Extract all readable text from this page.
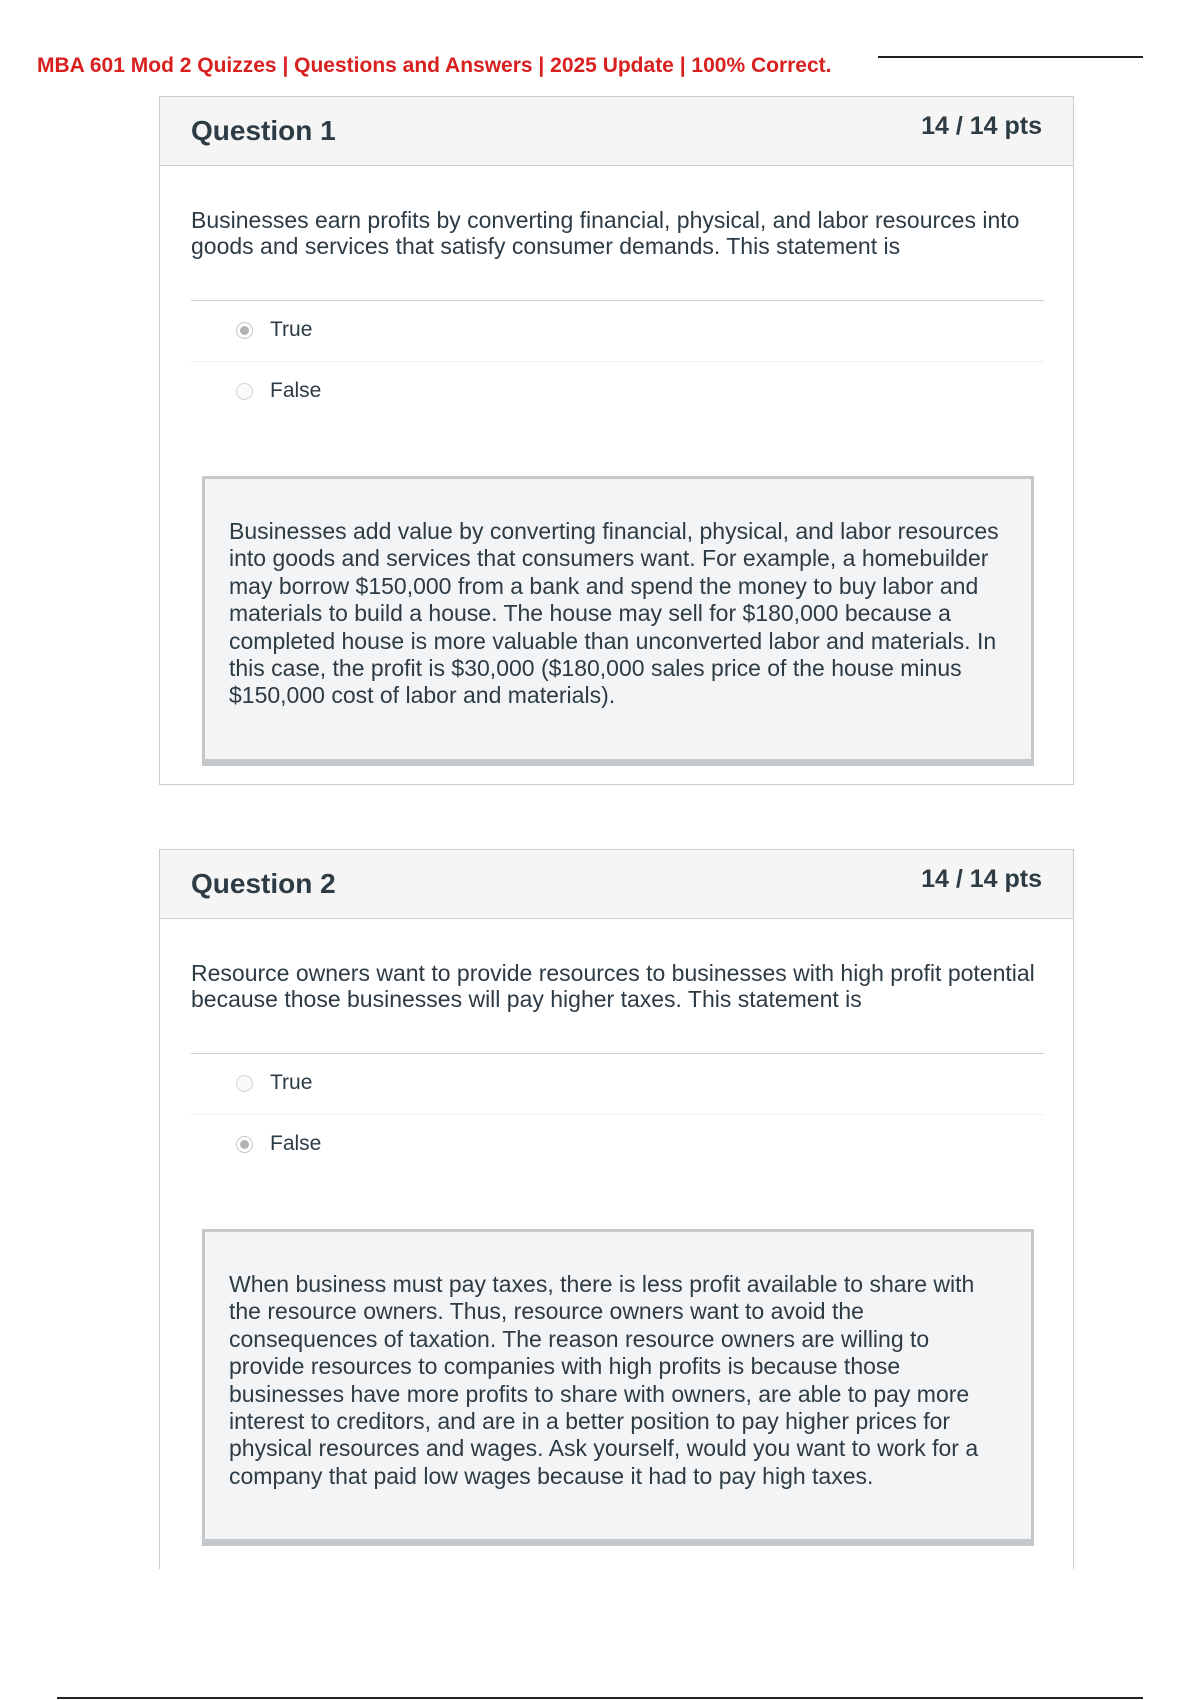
MBA 601 Mod 2 Quizzes | Questions and Answers | 2025 Update | 100% Correct.
Question 1	14 / 14 pts

Businesses earn profits by converting financial, physical, and labor resources into goods and services that satisfy consumer demands. This statement is

True
False
Businesses add value by converting financial, physical, and labor resources into goods and services that consumers want. For example, a homebuilder may borrow $150,000 from a bank and spend the money to buy labor and materials to build a house. The house may sell for $180,000 because a completed house is more valuable than unconverted labor and materials. In this case, the profit is $30,000 ($180,000 sales price of the house minus $150,000 cost of labor and materials).
Question 2	14 / 14 pts

Resource owners want to provide resources to businesses with high profit potential because those businesses will pay higher taxes. This statement is

True
False
When business must pay taxes, there is less profit available to share with the resource owners. Thus, resource owners want to avoid the consequences of taxation. The reason resource owners are willing to provide resources to companies with high profits is because those businesses have more profits to share with owners, are able to pay more interest to creditors, and are in a better position to pay higher prices for physical resources and wages. Ask yourself, would you want to work for a company that paid low wages because it had to pay high taxes.
